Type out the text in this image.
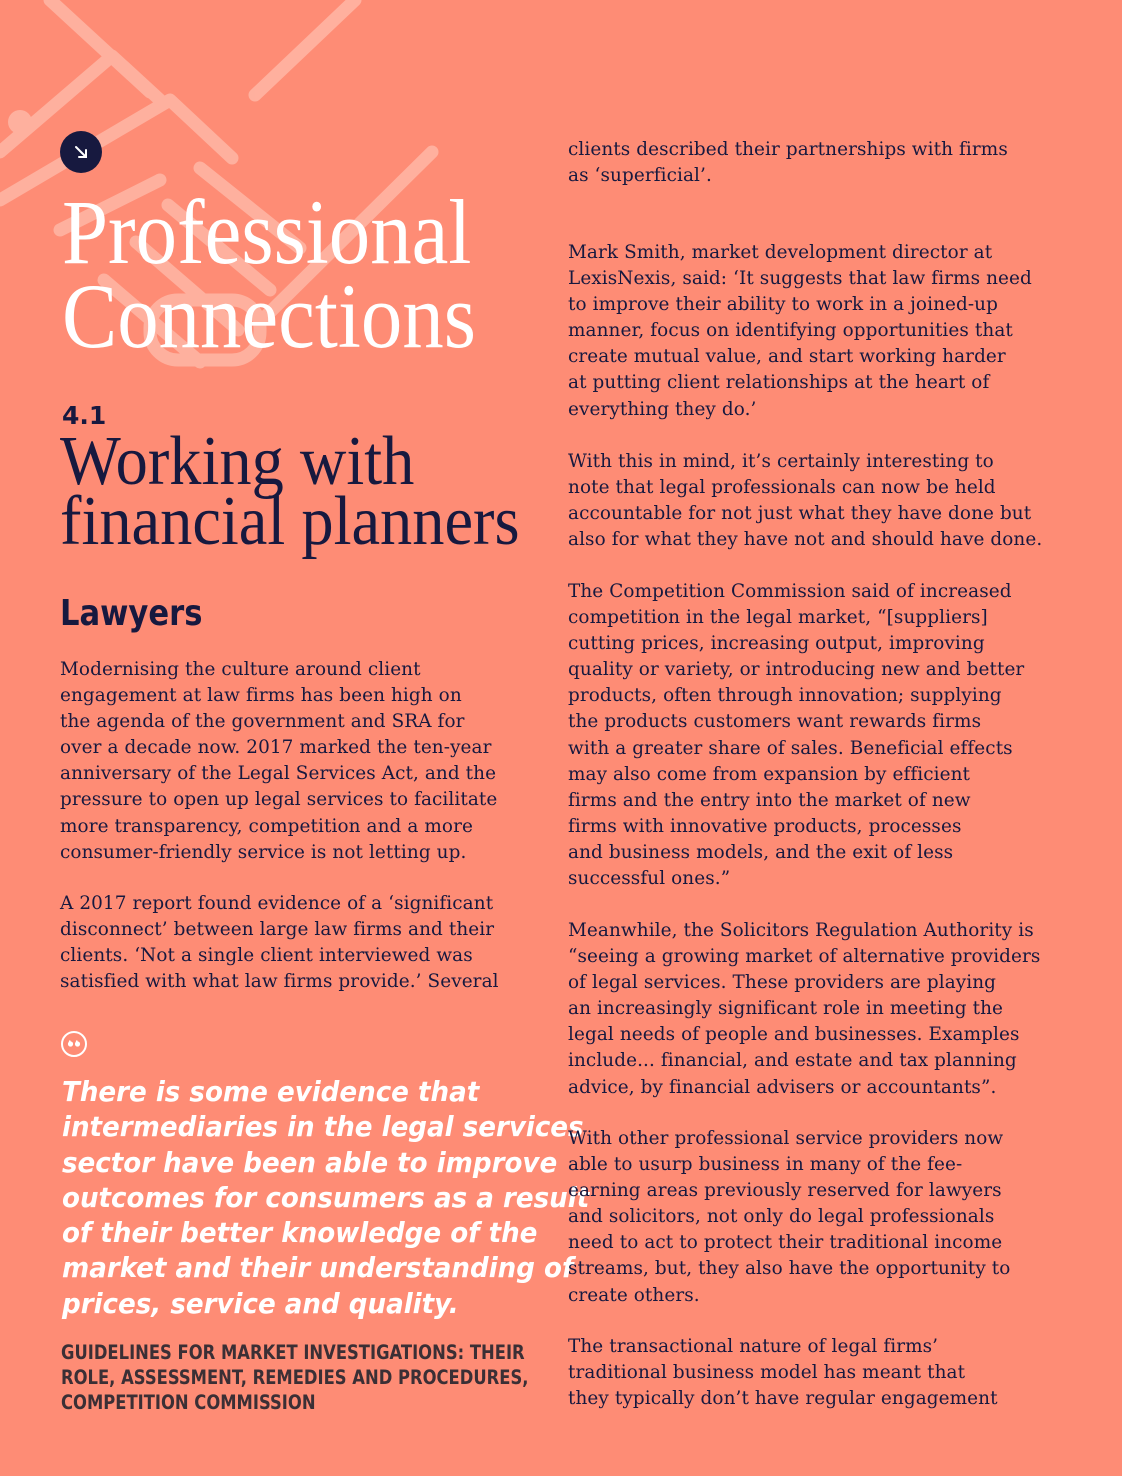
Professional
Connections
4.1
Working with
financial planners
Lawyers

Modernising the culture around client
engagement at law firms has been high on
the agenda of the government and SRA for
over a decade now. 2017 marked the ten-year
anniversary of the Legal Services Act, and the
pressure to open up legal services to facilitate
more transparency, competition and a more
consumer-friendly service is not letting up.

A 2017 report found evidence of a ‘significant
disconnect’ between large law firms and their
clients. ‘Not a single client interviewed was
satisfied with what law firms provide.’ Several

There is some evidence that
intermediaries in the legal services
sector have been able to improve
outcomes for consumers as a result
of their better knowledge of the
market and their understanding of
prices, service and quality.

GUIDELINES FOR MARKET INVESTIGATIONS: THEIR
ROLE, ASSESSMENT, REMEDIES AND PROCEDURES,
COMPETITION COMMISSION

clients described their partnerships with firms
as ‘superficial’.

Mark Smith, market development director at
LexisNexis, said: ‘It suggests that law firms need
to improve their ability to work in a joined-up
manner, focus on identifying opportunities that
create mutual value, and start working harder
at putting client relationships at the heart of
everything they do.’

With this in mind, it’s certainly interesting to
note that legal professionals can now be held
accountable for not just what they have done but
also for what they have not and should have done.

The Competition Commission said of increased
competition in the legal market, “[suppliers]
cutting prices, increasing output, improving
quality or variety, or introducing new and better
products, often through innovation; supplying
the products customers want rewards firms
with a greater share of sales. Beneficial effects
may also come from expansion by efficient
firms and the entry into the market of new
firms with innovative products, processes
and business models, and the exit of less
successful ones.”

Meanwhile, the Solicitors Regulation Authority is
“seeing a growing market of alternative providers
of legal services. These providers are playing
an increasingly significant role in meeting the
legal needs of people and businesses. Examples
include... financial, and estate and tax planning
advice, by financial advisers or accountants”.

With other professional service providers now
able to usurp business in many of the fee-
earning areas previously reserved for lawyers
and solicitors, not only do legal professionals
need to act to protect their traditional income
streams, but, they also have the opportunity to
create others.

The transactional nature of legal firms’
traditional business model has meant that
they typically don’t have regular engagement
